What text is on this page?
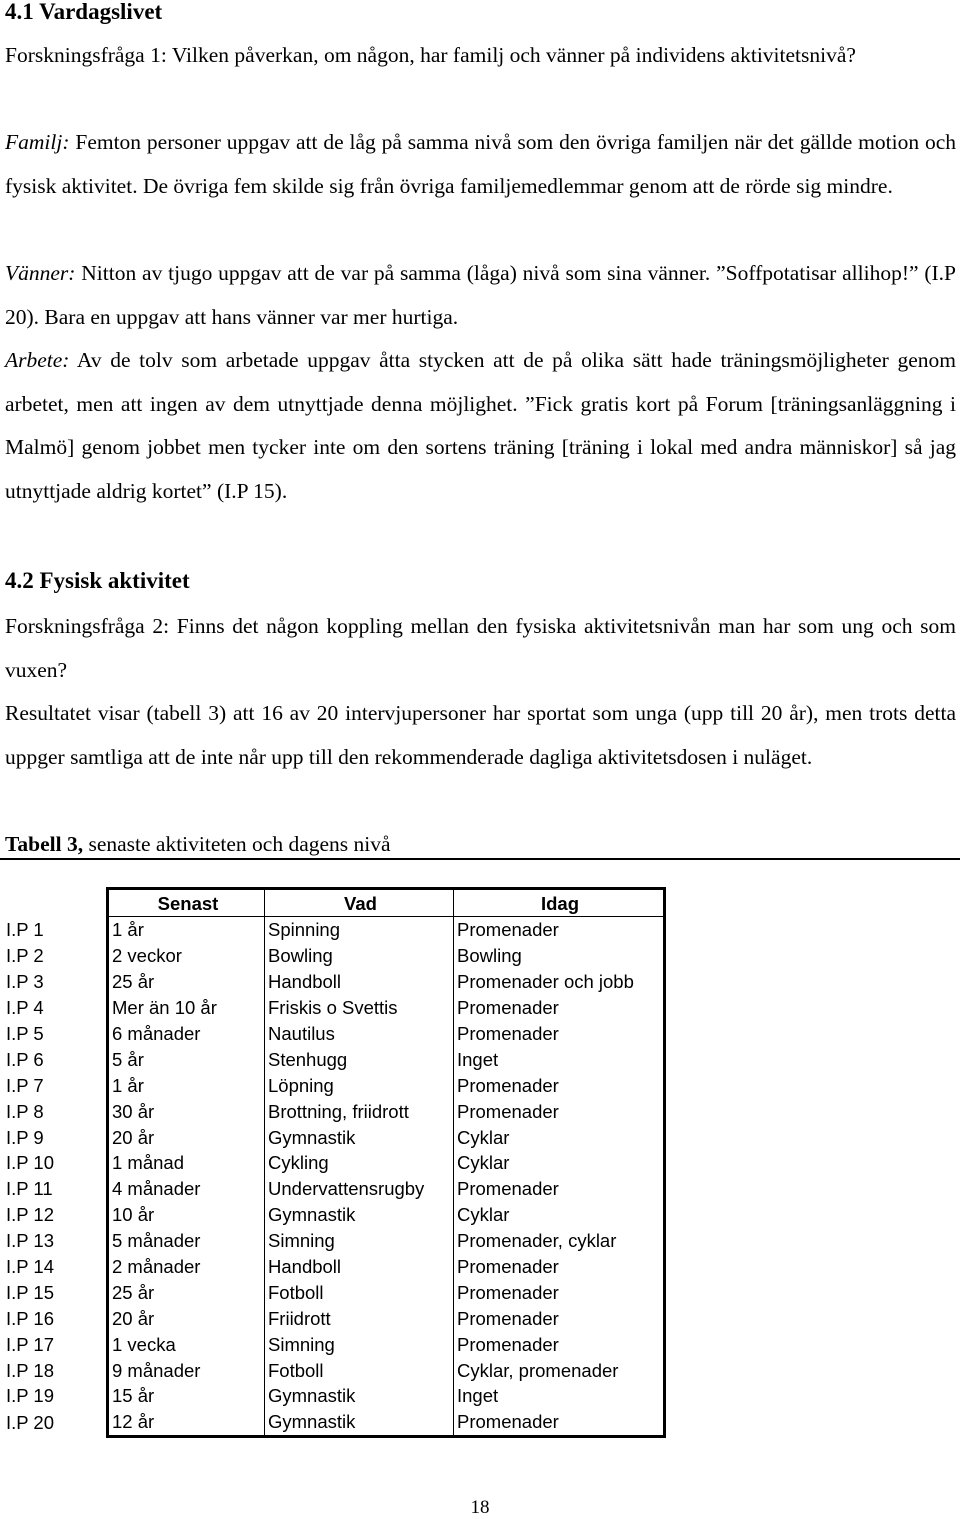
4.1 Vardagslivet

Forskningsfråga 1: Vilken påverkan, om någon, har familj och vänner på individens aktivitetsnivå?

Familj: Femton personer uppgav att de låg på samma nivå som den övriga familjen när det gällde motion och fysisk aktivitet. De övriga fem skilde sig från övriga familjemedlemmar genom att de rörde sig mindre.

Vänner: Nitton av tjugo uppgav att de var på samma (låga) nivå som sina vänner. ”Soffpotatisar allihop!” (I.P 20). Bara en uppgav att hans vänner var mer hurtiga.

Arbete: Av de tolv som arbetade uppgav åtta stycken att de på olika sätt hade träningsmöjligheter genom arbetet, men att ingen av dem utnyttjade denna möjlighet. ”Fick gratis kort på Forum [träningsanläggning i Malmö] genom jobbet men tycker inte om den sortens träning [träning i lokal med andra människor] så jag utnyttjade aldrig kortet” (I.P 15).

4.2 Fysisk aktivitet

Forskningsfråga 2: Finns det någon koppling mellan den fysiska aktivitetsnivån man har som ung och som vuxen?

Resultatet visar (tabell 3) att 16 av 20 intervjupersoner har sportat som unga (upp till 20 år), men trots detta uppger samtliga att de inte når upp till den rekommenderade dagliga aktivitetsdosen i nuläget.

Tabell 3, senaste aktiviteten och dagens nivå
	Senast	Vad	Idag
I.P 1	1 år	Spinning	Promenader
I.P 2	2 veckor	Bowling	Bowling
I.P 3	25 år	Handboll	Promenader och jobb
I.P 4	Mer än 10 år	Friskis o Svettis	Promenader
I.P 5	6 månader	Nautilus	Promenader
I.P 6	5 år	Stenhugg	Inget
I.P 7	1 år	Löpning	Promenader
I.P 8	30 år	Brottning, friidrott	Promenader
I.P 9	20 år	Gymnastik	Cyklar
I.P 10	1 månad	Cykling	Cyklar
I.P 11	4 månader	Undervattensrugby	Promenader
I.P 12	10 år	Gymnastik	Cyklar
I.P 13	5 månader	Simning	Promenader, cyklar
I.P 14	2 månader	Handboll	Promenader
I.P 15	25 år	Fotboll	Promenader
I.P 16	20 år	Friidrott	Promenader
I.P 17	1 vecka	Simning	Promenader
I.P 18	9 månader	Fotboll	Cyklar, promenader
I.P 19	15 år	Gymnastik	Inget
I.P 20	12 år	Gymnastik	Promenader
18
